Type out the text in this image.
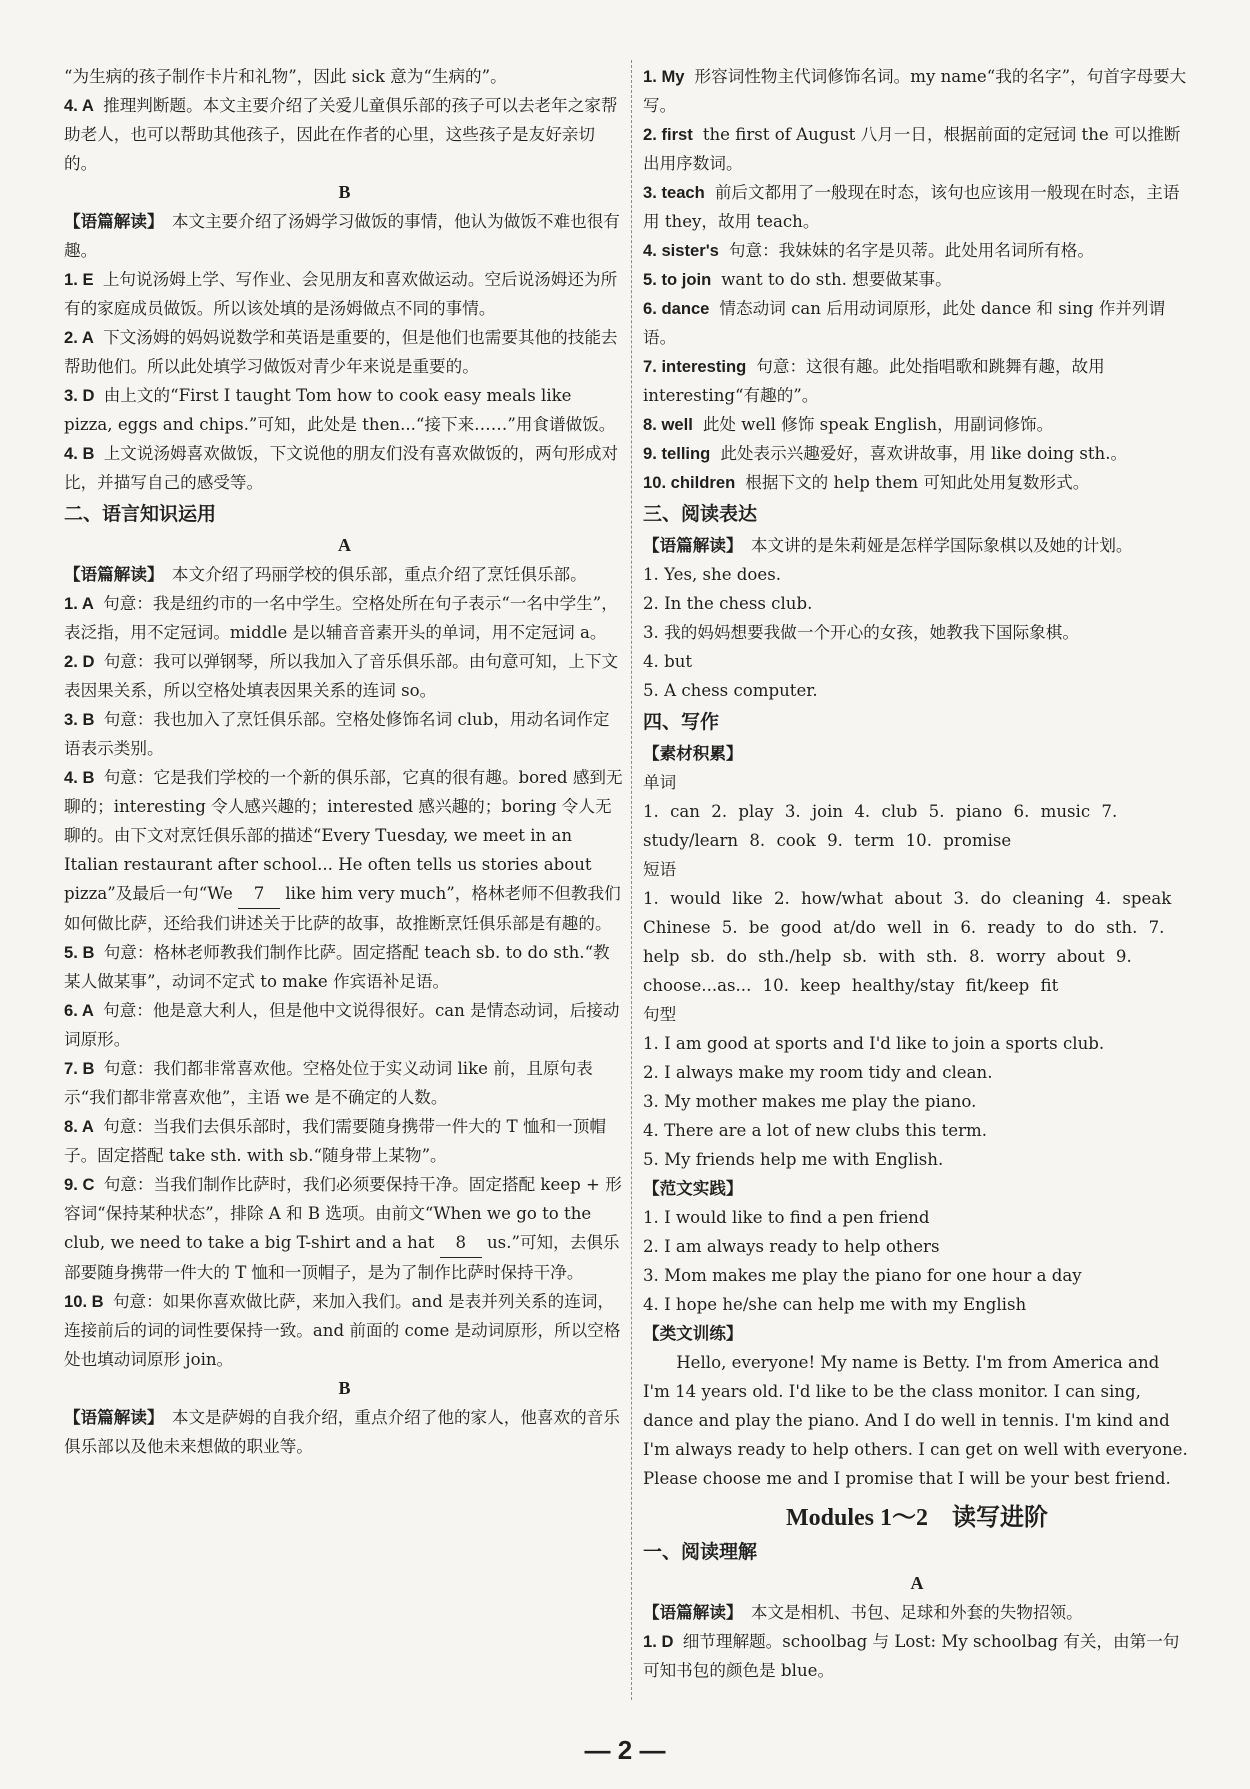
“为生病的孩子制作卡片和礼物”，因此 sick 意为“生病的”。

4. A 推理判断题。本文主要介绍了关爱儿童俱乐部的孩子可以去老年之家帮助老人，也可以帮助其他孩子，因此在作者的心里，这些孩子是友好亲切的。

B

【语篇解读】　 本文主要介绍了汤姆学习做饭的事情，他认为做饭不难也很有趣。

1. E 上句说汤姆上学、写作业、会见朋友和喜欢做运动。空后说汤姆还为所有的家庭成员做饭。所以该处填的是汤姆做点不同的事情。

2. A 下文汤姆的妈妈说数学和英语是重要的，但是他们也需要其他的技能去帮助他们。所以此处填学习做饭对青少年来说是重要的。

3. D 由上文的“First I taught Tom how to cook easy meals like pizza, eggs and chips.”可知，此处是 then...“接下来……”用食谱做饭。

4. B 上文说汤姆喜欢做饭，下文说他的朋友们没有喜欢做饭的，两句形成对比，并描写自己的感受等。

二、语言知识运用

A

【语篇解读】　 本文介绍了玛丽学校的俱乐部，重点介绍了烹饪俱乐部。

1. A 句意：我是纽约市的一名中学生。空格处所在句子表示“一名中学生”，表泛指，用不定冠词。middle 是以辅音音素开头的单词，用不定冠词 a。

2. D 句意：我可以弹钢琴，所以我加入了音乐俱乐部。由句意可知，上下文表因果关系，所以空格处填表因果关系的连词 so。

3. B 句意：我也加入了烹饪俱乐部。空格处修饰名词 club，用动名词作定语表示类别。

4. B 句意：它是我们学校的一个新的俱乐部，它真的很有趣。bored 感到无聊的；interesting 令人感兴趣的；interested 感兴趣的；boring 令人无聊的。由下文对烹饪俱乐部的描述“Every Tuesday, we meet in an Italian restaurant after school... He often tells us stories about pizza”及最后一句“We 7 like him very much”，格林老师不但教我们如何做比萨，还给我们讲述关于比萨的故事，故推断烹饪俱乐部是有趣的。

5. B 句意：格林老师教我们制作比萨。固定搭配 teach sb. to do sth.“教某人做某事”，动词不定式 to make 作宾语补足语。

6. A 句意：他是意大利人，但是他中文说得很好。can 是情态动词，后接动词原形。

7. B 句意：我们都非常喜欢他。空格处位于实义动词 like 前，且原句表示“我们都非常喜欢他”，主语 we 是不确定的人数。

8. A 句意：当我们去俱乐部时，我们需要随身携带一件大的 T 恤和一顶帽子。固定搭配 take sth. with sb.“随身带上某物”。

9. C 句意：当我们制作比萨时，我们必须要保持干净。固定搭配 keep + 形容词“保持某种状态”，排除 A 和 B 选项。由前文“When we go to the club, we need to take a big T-shirt and a hat 8 us.”可知，去俱乐部要随身携带一件大的 T 恤和一顶帽子，是为了制作比萨时保持干净。

10. B 句意：如果你喜欢做比萨，来加入我们。and 是表并列关系的连词，连接前后的词的词性要保持一致。and 前面的 come 是动词原形，所以空格处也填动词原形 join。

B

【语篇解读】　 本文是萨姆的自我介绍，重点介绍了他的家人，他喜欢的音乐俱乐部以及他未来想做的职业等。

1. My 形容词性物主代词修饰名词。my name“我的名字”，句首字母要大写。

2. first the first of August 八月一日，根据前面的定冠词 the 可以推断出用序数词。

3. teach 前后文都用了一般现在时态，该句也应该用一般现在时态，主语用 they，故用 teach。

4. sister's 句意：我妹妹的名字是贝蒂。此处用名词所有格。

5. to join want to do sth. 想要做某事。

6. dance 情态动词 can 后用动词原形，此处 dance 和 sing 作并列谓语。

7. interesting 句意：这很有趣。此处指唱歌和跳舞有趣，故用 interesting“有趣的”。

8. well 此处 well 修饰 speak English，用副词修饰。

9. telling 此处表示兴趣爱好，喜欢讲故事，用 like doing sth.。

10. children 根据下文的 help them 可知此处用复数形式。

三、阅读表达

【语篇解读】　 本文讲的是朱莉娅是怎样学国际象棋以及她的计划。

1. Yes, she does.

2. In the chess club.

3. 我的妈妈想要我做一个开心的女孩，她教我下国际象棋。

4. but

5. A chess computer.

四、写作

【素材积累】

单词

1. can 2. play 3. join 4. club 5. piano 6. music 7. study/learn 8. cook 9. term 10. promise

短语

1. would like 2. how/what about 3. do cleaning 4. speak Chinese 5. be good at/do well in 6. ready to do sth. 7. help sb. do sth./help sb. with sth. 8. worry about 9. choose...as... 10. keep healthy/stay fit/keep fit

句型

1. I am good at sports and I'd like to join a sports club.

2. I always make my room tidy and clean.

3. My mother makes me play the piano.

4. There are a lot of new clubs this term.

5. My friends help me with English.

【范文实践】

1. I would like to find a pen friend

2. I am always ready to help others

3. Mom makes me play the piano for one hour a day

4. I hope he/she can help me with my English

【类文训练】

Hello, everyone! My name is Betty. I'm from America and I'm 14 years old. I'd like to be the class monitor. I can sing, dance and play the piano. And I do well in tennis. I'm kind and I'm always ready to help others. I can get on well with everyone. Please choose me and I promise that I will be your best friend.

Modules 1～2　读写进阶

一、阅读理解

A

【语篇解读】　 本文是相机、书包、足球和外套的失物招领。

1. D 细节理解题。schoolbag 与 Lost: My schoolbag 有关，由第一句可知书包的颜色是 blue。

— 2 —
